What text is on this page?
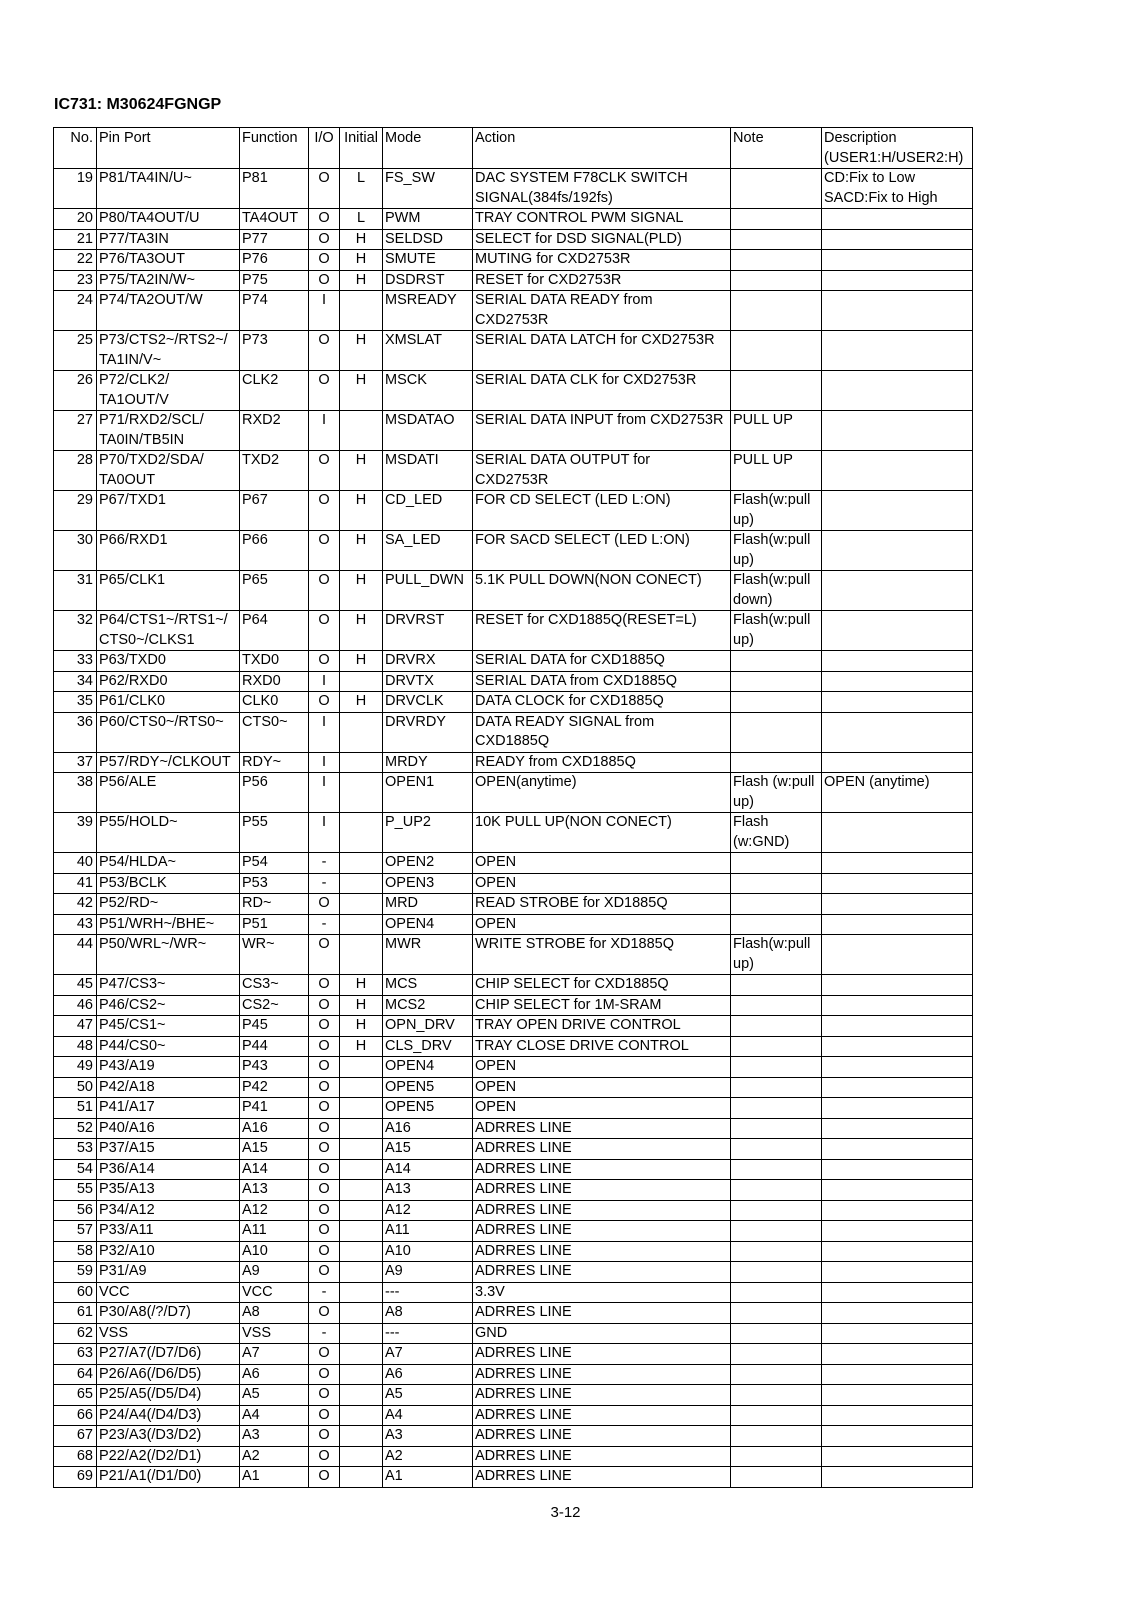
IC731: M30624FGNGP
No.	Pin Port	Function	I/O	Initial	Mode	Action	Note	Description
(USER1:H/USER2:H)
19	P81/TA4IN/U~	P81	O	L	FS_SW	DAC SYSTEM F78CLK SWITCH
SIGNAL(384fs/192fs)		CD:Fix to Low
SACD:Fix to High
20	P80/TA4OUT/U	TA4OUT	O	L	PWM	TRAY CONTROL PWM SIGNAL		
21	P77/TA3IN	P77	O	H	SELDSD	SELECT for DSD SIGNAL(PLD)		
22	P76/TA3OUT	P76	O	H	SMUTE	MUTING for CXD2753R		
23	P75/TA2IN/W~	P75	O	H	DSDRST	RESET for CXD2753R		
24	P74/TA2OUT/W	P74	I		MSREADY	SERIAL DATA READY from
CXD2753R		
25	P73/CTS2~/RTS2~/
TA1IN/V~	P73	O	H	XMSLAT	SERIAL DATA LATCH for CXD2753R		
26	P72/CLK2/
TA1OUT/V	CLK2	O	H	MSCK	SERIAL DATA CLK for CXD2753R		
27	P71/RXD2/SCL/
TA0IN/TB5IN	RXD2	I		MSDATAO	SERIAL DATA INPUT from CXD2753R	PULL UP	
28	P70/TXD2/SDA/
TA0OUT	TXD2	O	H	MSDATI	SERIAL DATA OUTPUT for
CXD2753R	PULL UP	
29	P67/TXD1	P67	O	H	CD_LED	FOR CD SELECT (LED L:ON)	Flash(w:pull
up)	
30	P66/RXD1	P66	O	H	SA_LED	FOR SACD SELECT (LED L:ON)	Flash(w:pull
up)	
31	P65/CLK1	P65	O	H	PULL_DWN	5.1K PULL DOWN(NON CONECT)	Flash(w:pull
down)	
32	P64/CTS1~/RTS1~/
CTS0~/CLKS1	P64	O	H	DRVRST	RESET for CXD1885Q(RESET=L)	Flash(w:pull
up)	
33	P63/TXD0	TXD0	O	H	DRVRX	SERIAL DATA for CXD1885Q		
34	P62/RXD0	RXD0	I		DRVTX	SERIAL DATA from CXD1885Q		
35	P61/CLK0	CLK0	O	H	DRVCLK	DATA CLOCK for CXD1885Q		
36	P60/CTS0~/RTS0~	CTS0~	I		DRVRDY	DATA READY SIGNAL from
CXD1885Q		
37	P57/RDY~/CLKOUT	RDY~	I		MRDY	READY from CXD1885Q		
38	P56/ALE	P56	I		OPEN1	OPEN(anytime)	Flash (w:pull
up)	OPEN (anytime)
39	P55/HOLD~	P55	I		P_UP2	10K PULL UP(NON CONECT)	Flash
(w:GND)	
40	P54/HLDA~	P54	-		OPEN2	OPEN		
41	P53/BCLK	P53	-		OPEN3	OPEN		
42	P52/RD~	RD~	O		MRD	READ STROBE for XD1885Q		
43	P51/WRH~/BHE~	P51	-		OPEN4	OPEN		
44	P50/WRL~/WR~	WR~	O		MWR	WRITE STROBE for XD1885Q	Flash(w:pull
up)	
45	P47/CS3~	CS3~	O	H	MCS	CHIP SELECT for CXD1885Q		
46	P46/CS2~	CS2~	O	H	MCS2	CHIP SELECT for 1M-SRAM		
47	P45/CS1~	P45	O	H	OPN_DRV	TRAY OPEN DRIVE CONTROL		
48	P44/CS0~	P44	O	H	CLS_DRV	TRAY CLOSE DRIVE CONTROL		
49	P43/A19	P43	O		OPEN4	OPEN		
50	P42/A18	P42	O		OPEN5	OPEN		
51	P41/A17	P41	O		OPEN5	OPEN		
52	P40/A16	A16	O		A16	ADRRES LINE		
53	P37/A15	A15	O		A15	ADRRES LINE		
54	P36/A14	A14	O		A14	ADRRES LINE		
55	P35/A13	A13	O		A13	ADRRES LINE		
56	P34/A12	A12	O		A12	ADRRES LINE		
57	P33/A11	A11	O		A11	ADRRES LINE		
58	P32/A10	A10	O		A10	ADRRES LINE		
59	P31/A9	A9	O		A9	ADRRES LINE		
60	VCC	VCC	-		---	3.3V		
61	P30/A8(/?/D7)	A8	O		A8	ADRRES LINE		
62	VSS	VSS	-		---	GND		
63	P27/A7(/D7/D6)	A7	O		A7	ADRRES LINE		
64	P26/A6(/D6/D5)	A6	O		A6	ADRRES LINE		
65	P25/A5(/D5/D4)	A5	O		A5	ADRRES LINE		
66	P24/A4(/D4/D3)	A4	O		A4	ADRRES LINE		
67	P23/A3(/D3/D2)	A3	O		A3	ADRRES LINE		
68	P22/A2(/D2/D1)	A2	O		A2	ADRRES LINE		
69	P21/A1(/D1/D0)	A1	O		A1	ADRRES LINE		
3-12
